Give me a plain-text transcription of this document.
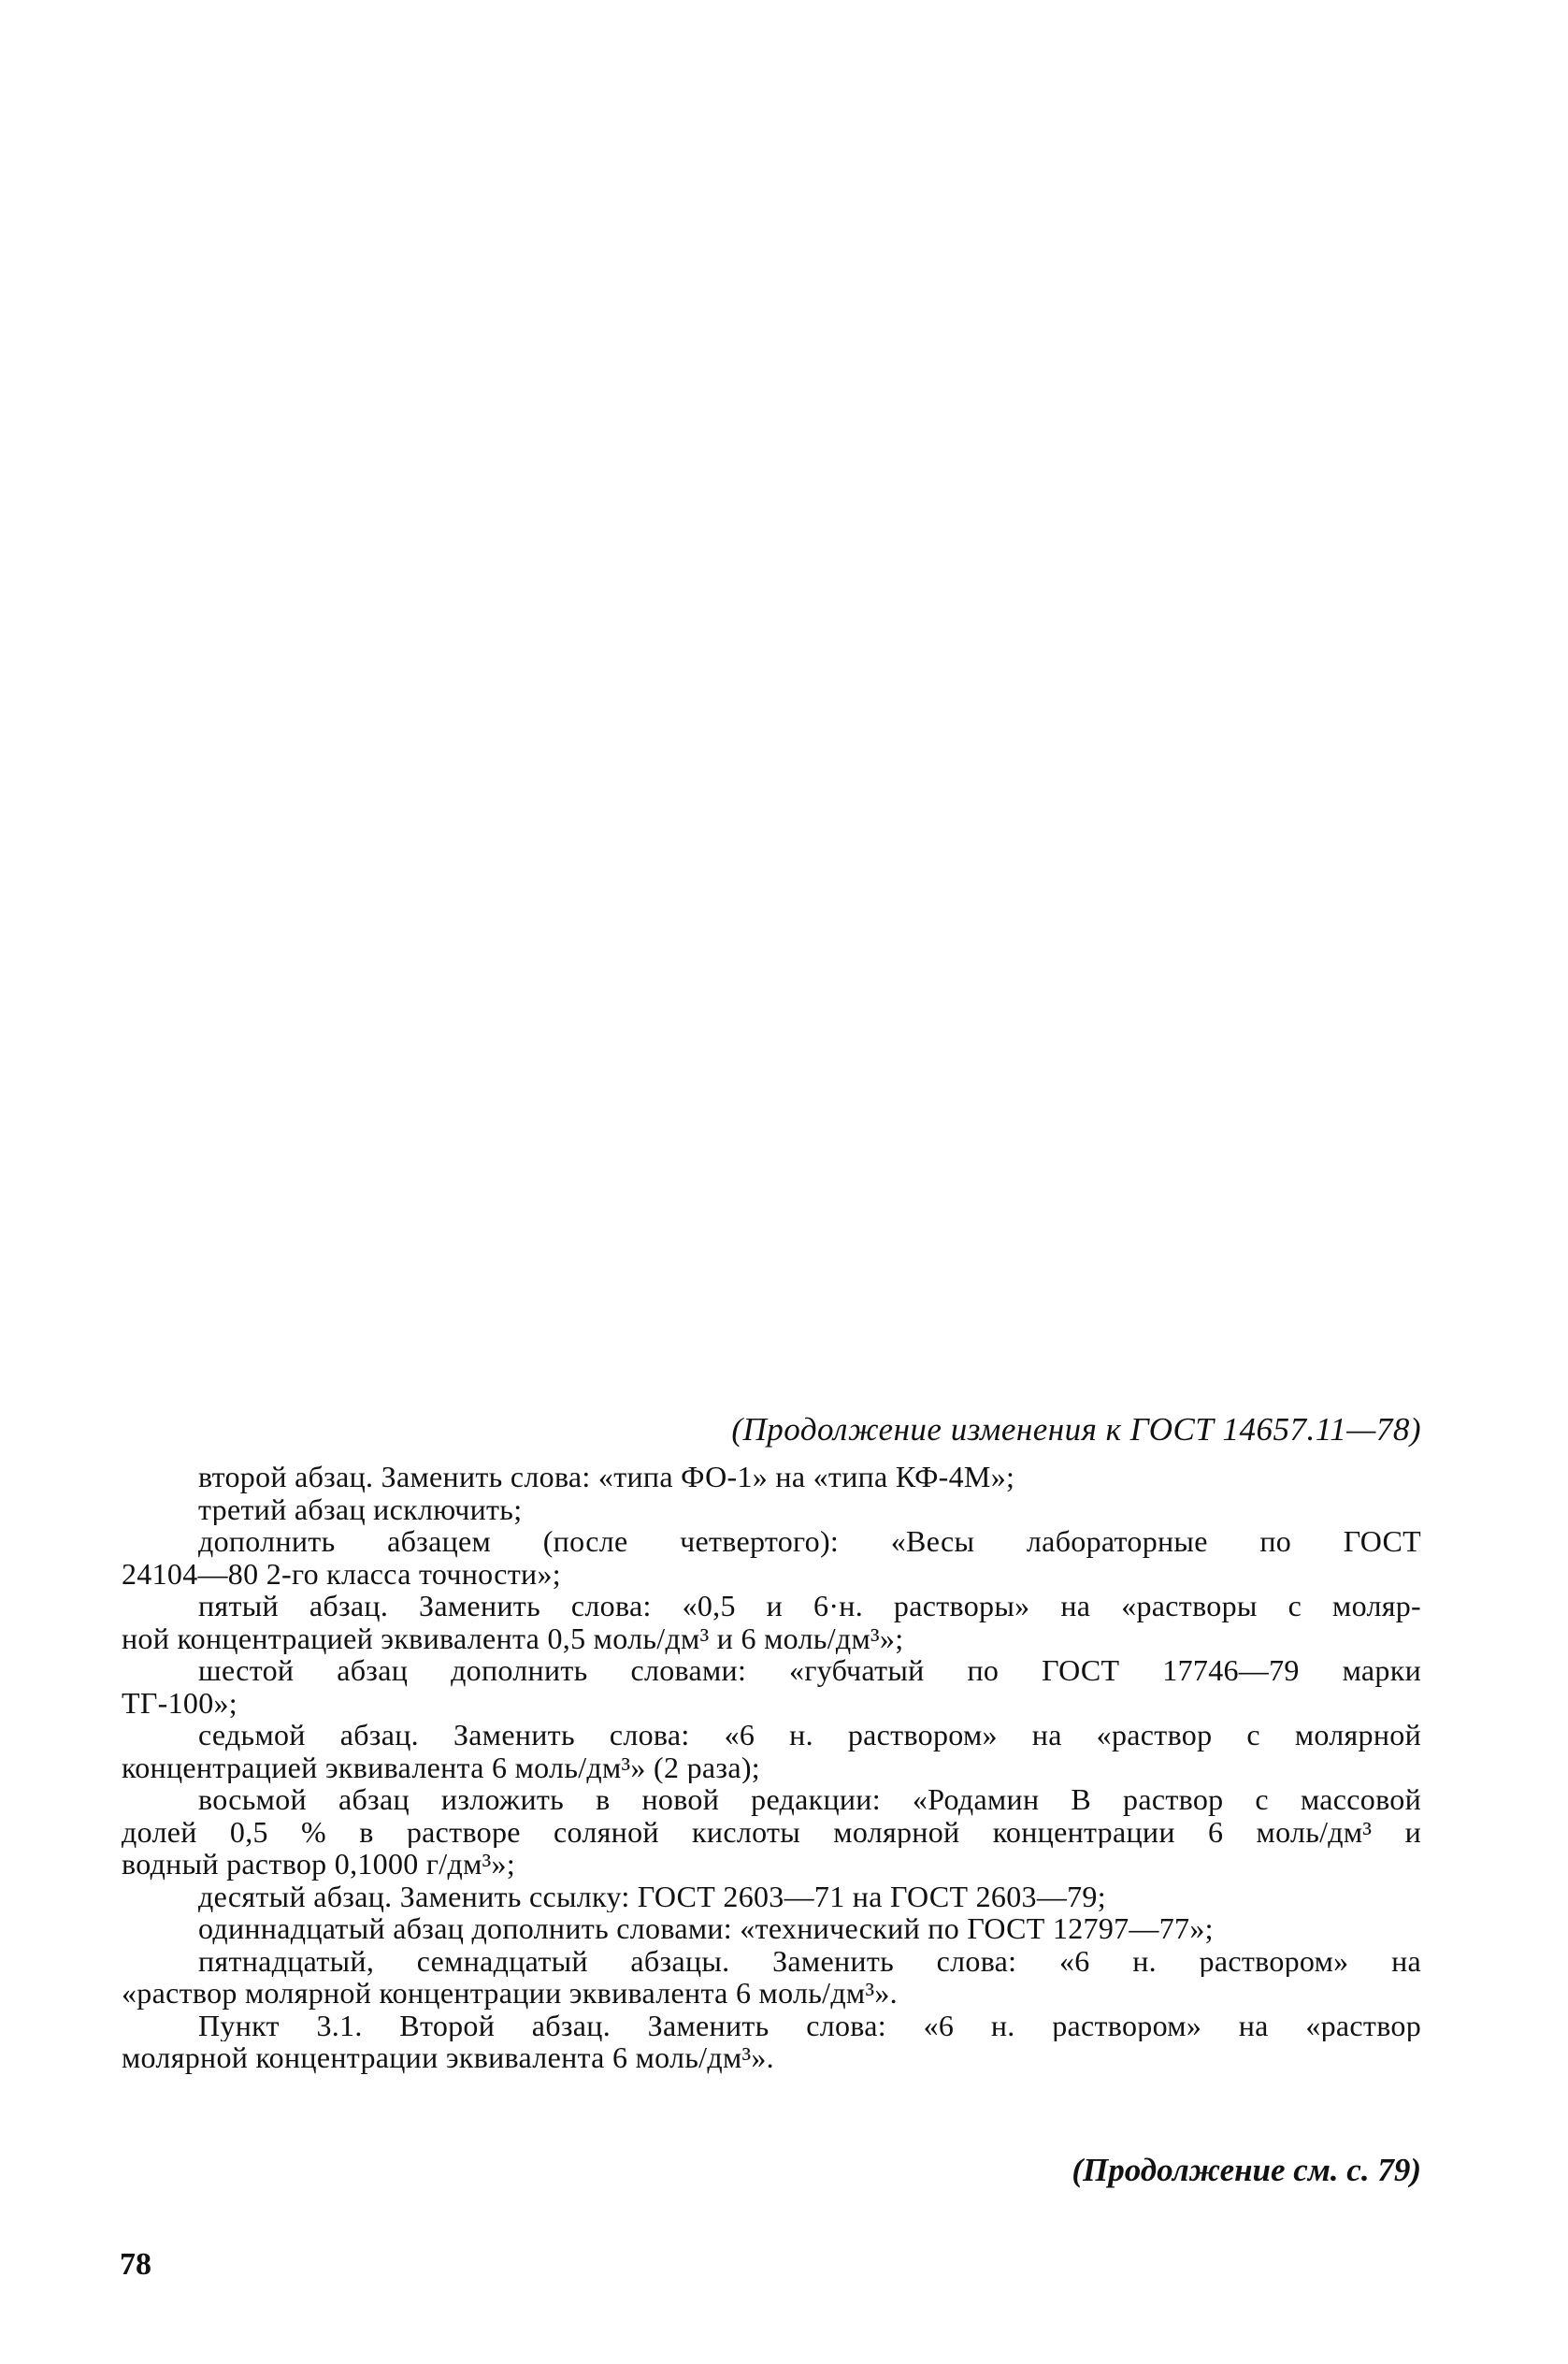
(Продолжение изменения к ГОСТ 14657.11—78)
второй абзац. Заменить слова: «типа ФО-1» на «типа КФ-4М»;
третий абзац исключить;
дополнить абзацем (после четвертого): «Весы лабораторные по ГОСТ
24104—80 2-го класса точности»;
пятый абзац. Заменить слова: «0,5 и 6·н. растворы» на «растворы с моляр-
ной концентрацией эквивалента 0,5 моль/дм³ и 6 моль/дм³»;
шестой абзац дополнить словами: «губчатый по ГОСТ 17746—79 марки
ТГ-100»;
седьмой абзац. Заменить слова: «6 н. раствором» на «раствор с молярной
концентрацией эквивалента 6 моль/дм³» (2 раза);
восьмой абзац изложить в новой редакции: «Родамин В раствор с массовой
долей 0,5 % в растворе соляной кислоты молярной концентрации 6 моль/дм³ и
водный раствор 0,1000 г/дм³»;
десятый абзац. Заменить ссылку: ГОСТ 2603—71 на ГОСТ 2603—79;
одиннадцатый абзац дополнить словами: «технический по ГОСТ 12797—77»;
пятнадцатый, семнадцатый абзацы. Заменить слова: «6 н. раствором» на
«раствор молярной концентрации эквивалента 6 моль/дм³».
Пункт 3.1. Второй абзац. Заменить слова: «6 н. раствором» на «раствор
молярной концентрации эквивалента 6 моль/дм³».
(Продолжение см. с. 79)
78
